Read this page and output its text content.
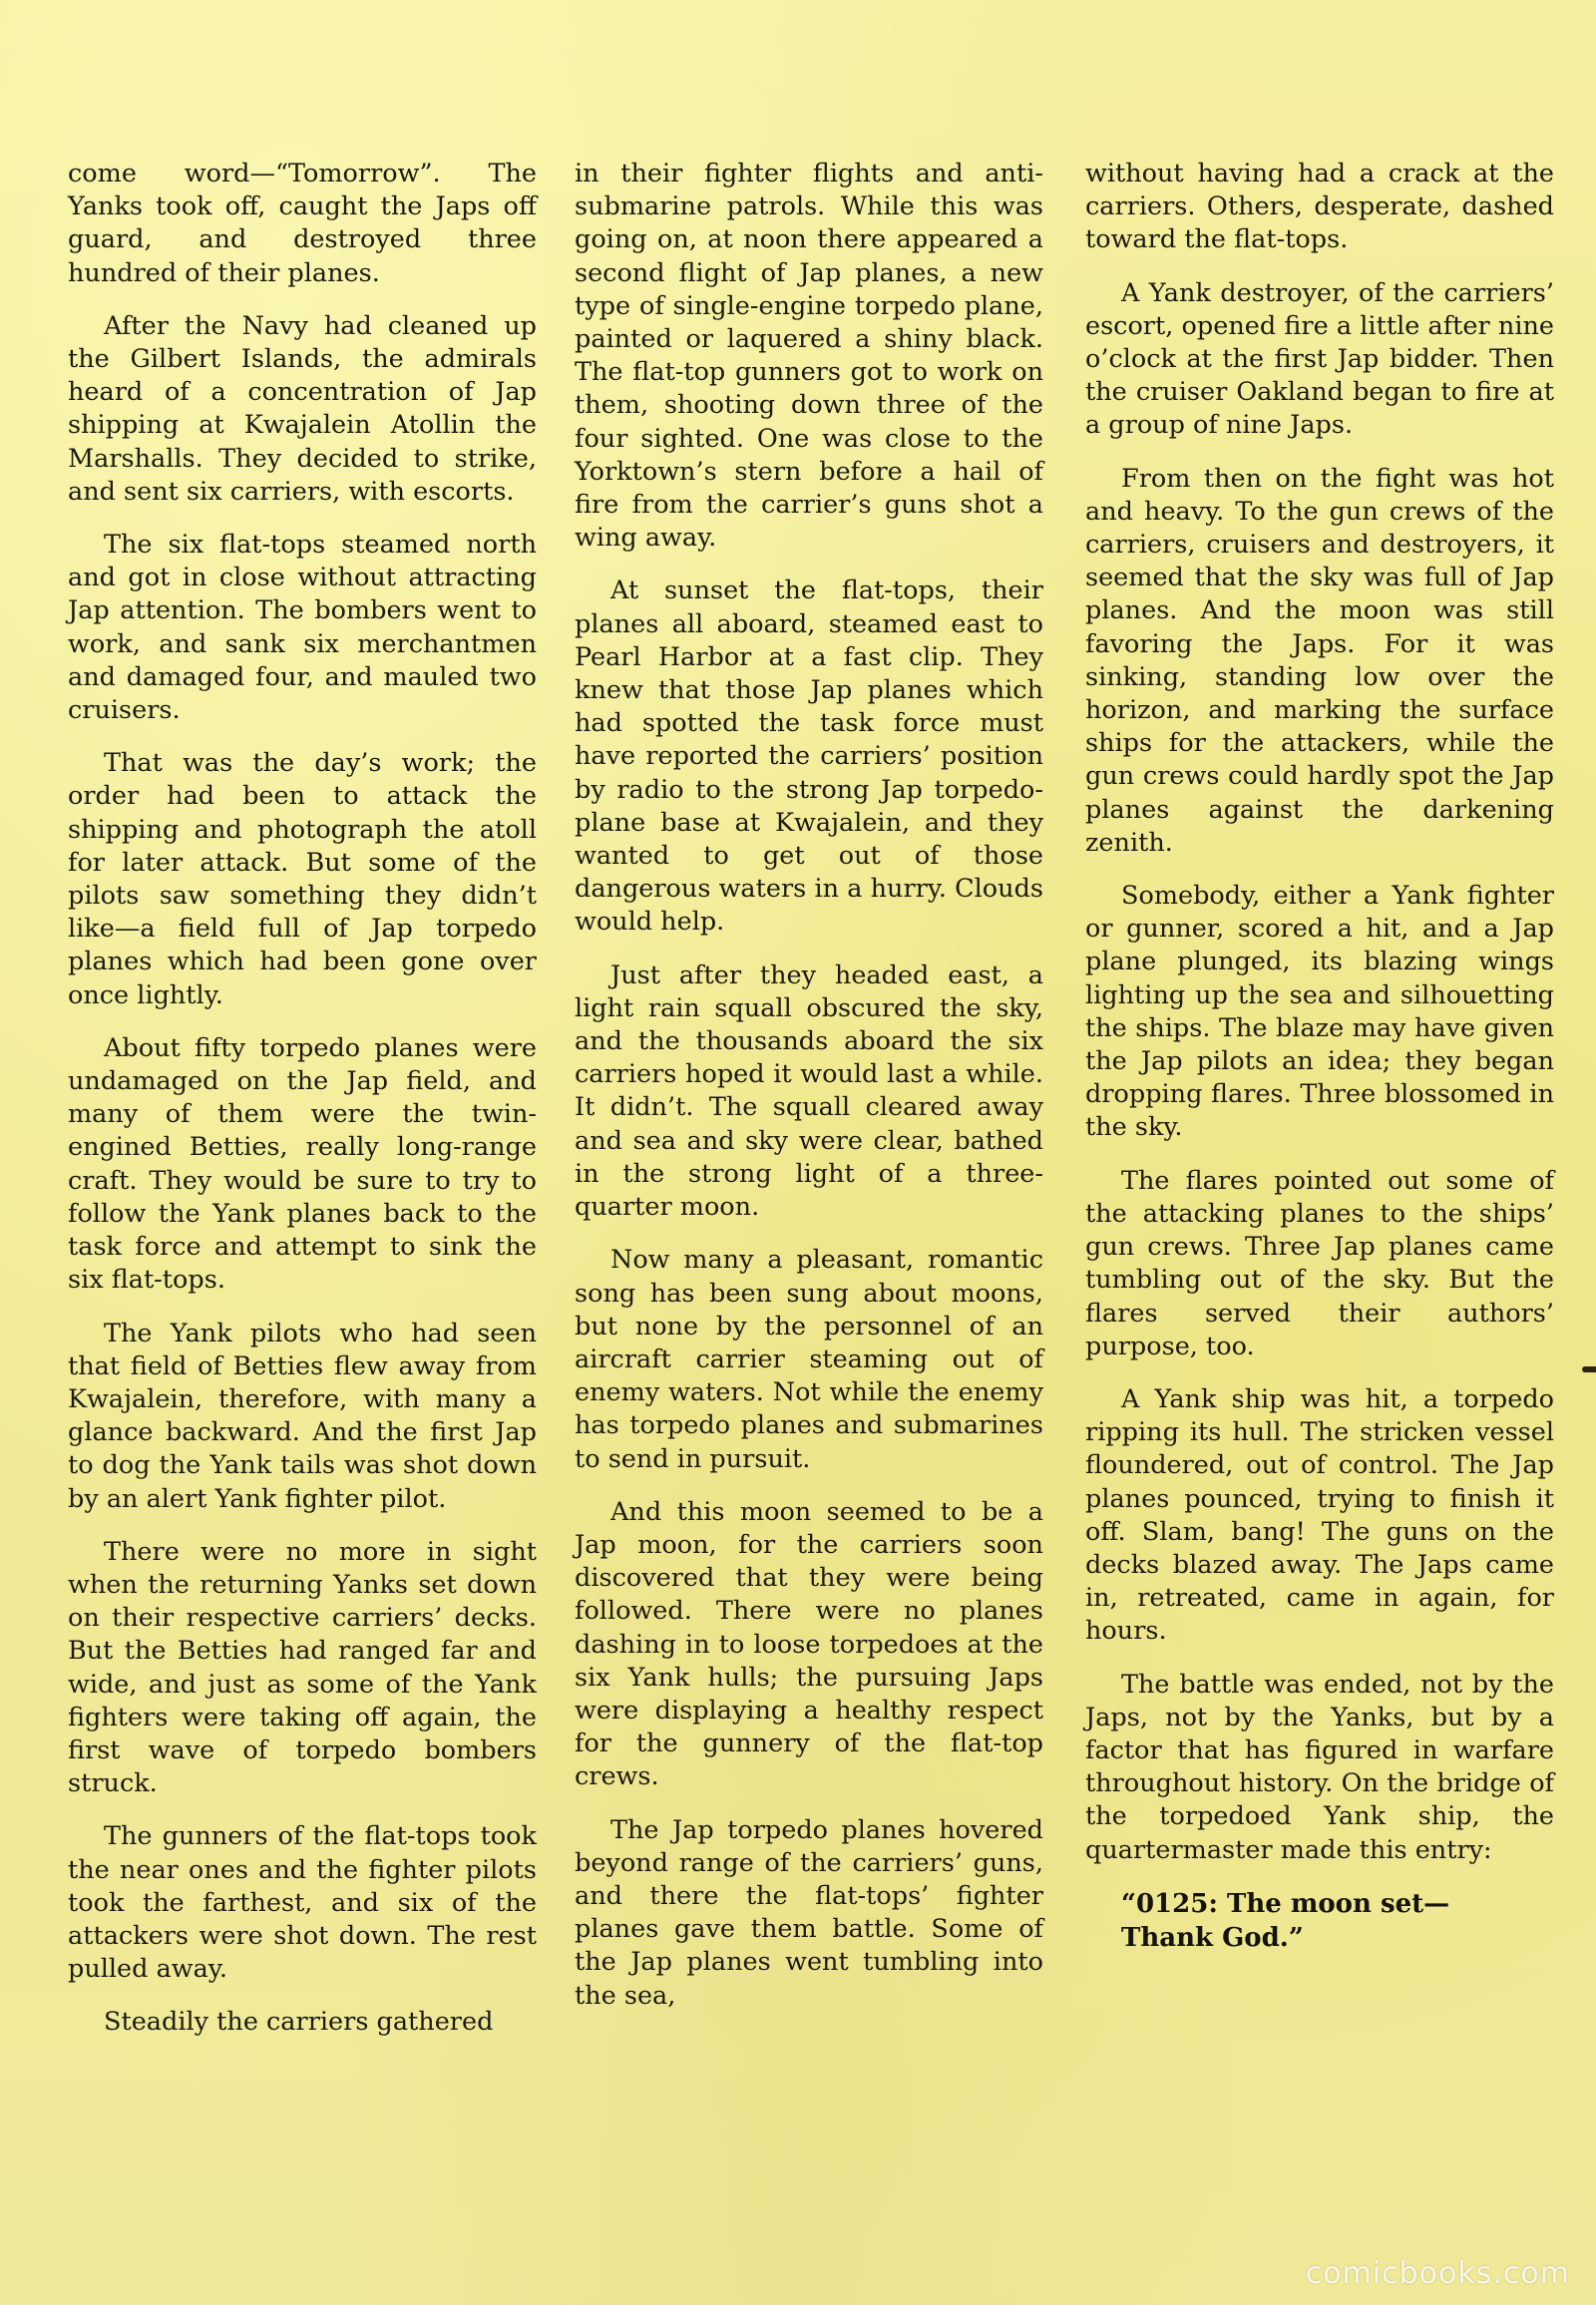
come word—“Tomorrow”. The Yanks took off, caught the Japs off guard, and destroyed three hundred of their planes.

After the Navy had cleaned up the Gilbert Islands, the admirals heard of a concentration of Jap shipping at Kwajalein Atollin the Marshalls. They decided to strike, and sent six carriers, with escorts.

The six flat-tops steamed north and got in close without attracting Jap attention. The bombers went to work, and sank six merchantmen and damaged four, and mauled two cruisers.

That was the day’s work; the order had been to attack the shipping and photograph the atoll for later attack. But some of the pilots saw something they didn’t like—a field full of Jap torpedo planes which had been gone over once lightly.

About fifty torpedo planes were undamaged on the Jap field, and many of them were the twin-engined Betties, really long-range craft. They would be sure to try to follow the Yank planes back to the task force and attempt to sink the six flat-tops.

The Yank pilots who had seen that field of Betties flew away from Kwajalein, therefore, with many a glance backward. And the first Jap to dog the Yank tails was shot down by an alert Yank fighter pilot.

There were no more in sight when the returning Yanks set down on their respective carriers’ decks. But the Betties had ranged far and wide, and just as some of the Yank fighters were taking off again, the first wave of torpedo bombers struck.

The gunners of the flat-tops took the near ones and the fighter pilots took the farthest, and six of the attackers were shot down. The rest pulled away.

Steadily the carriers gathered

in their fighter flights and anti-submarine patrols. While this was going on, at noon there appeared a second flight of Jap planes, a new type of single-engine torpedo plane, painted or laquered a shiny black. The flat-top gunners got to work on them, shooting down three of the four sighted. One was close to the Yorktown’s stern before a hail of fire from the carrier’s guns shot a wing away.

At sunset the flat-tops, their planes all aboard, steamed east to Pearl Harbor at a fast clip. They knew that those Jap planes which had spotted the task force must have reported the carriers’ position by radio to the strong Jap torpedo-plane base at Kwajalein, and they wanted to get out of those dangerous waters in a hurry. Clouds would help.

Just after they headed east, a light rain squall obscured the sky, and the thousands aboard the six carriers hoped it would last a while. It didn’t. The squall cleared away and sea and sky were clear, bathed in the strong light of a three-quarter moon.

Now many a pleasant, romantic song has been sung about moons, but none by the personnel of an aircraft carrier steaming out of enemy waters. Not while the enemy has torpedo planes and submarines to send in pursuit.

And this moon seemed to be a Jap moon, for the carriers soon discovered that they were being followed. There were no planes dashing in to loose torpedoes at the six Yank hulls; the pursuing Japs were displaying a healthy respect for the gunnery of the flat-top crews.

The Jap torpedo planes hovered beyond range of the carriers’ guns, and there the flat-tops’ fighter planes gave them battle. Some of the Jap planes went tumbling into the sea,

without having had a crack at the carriers. Others, desperate, dashed toward the flat-tops.

A Yank destroyer, of the carriers’ escort, opened fire a little after nine o’clock at the first Jap bidder. Then the cruiser Oakland began to fire at a group of nine Japs.

From then on the fight was hot and heavy. To the gun crews of the carriers, cruisers and destroyers, it seemed that the sky was full of Jap planes. And the moon was still favoring the Japs. For it was sinking, standing low over the horizon, and marking the surface ships for the attackers, while the gun crews could hardly spot the Jap planes against the darkening zenith.

Somebody, either a Yank fighter or gunner, scored a hit, and a Jap plane plunged, its blazing wings lighting up the sea and silhouetting the ships. The blaze may have given the Jap pilots an idea; they began dropping flares. Three blossomed in the sky.

The flares pointed out some of the attacking planes to the ships’ gun crews. Three Jap planes came tumbling out of the sky. But the flares served their authors’ purpose, too.

A Yank ship was hit, a torpedo ripping its hull. The stricken vessel floundered, out of control. The Jap planes pounced, trying to finish it off. Slam, bang! The guns on the decks blazed away. The Japs came in, retreated, came in again, for hours.

The battle was ended, not by the Japs, not by the Yanks, but by a factor that has figured in warfare throughout history. On the bridge of the torpedoed Yank ship, the quartermaster made this entry:

“0125: The moon set—
Thank God.”

comicbooks.com
